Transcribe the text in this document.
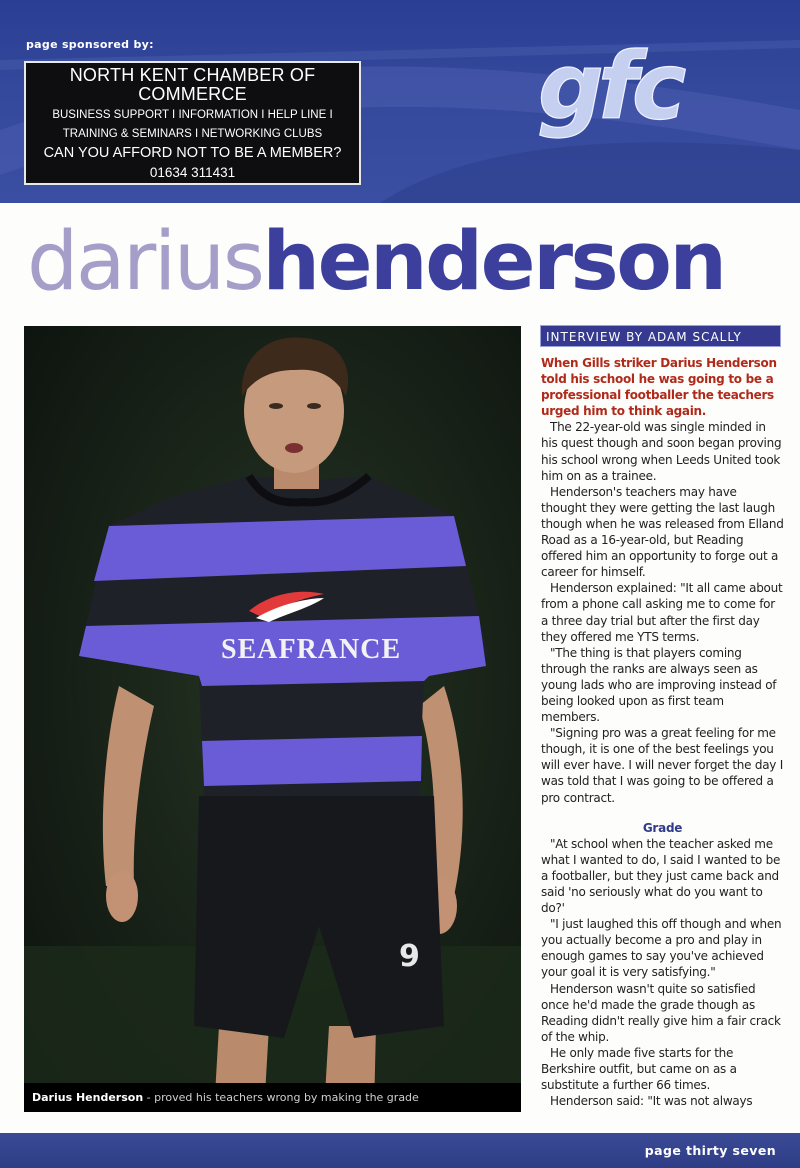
page sponsored by:
NORTH KENT CHAMBER OF
COMMERCE
BUSINESS SUPPORT I INFORMATION I HELP LINE I
TRAINING & SEMINARS I NETWORKING CLUBS
CAN YOU AFFORD NOT TO BE A MEMBER?
01634 311431
gfc
dariushenderson
9
SEAFRANCE
Darius Henderson - proved his teachers wrong by making the grade
INTERVIEW BY ADAM SCALLY

When Gills striker Darius Henderson told his school he was going to be a professional footballer the teachers urged him to think again.

The 22-year-old was single minded in his quest though and soon began proving his school wrong when Leeds United took him on as a trainee.

Henderson's teachers may have thought they were getting the last laugh though when he was released from Elland Road as a 16-year-old, but Reading offered him an opportunity to forge out a career for himself.

Henderson explained: "It all came about from a phone call asking me to come for a three day trial but after the first day they offered me YTS terms.

"The thing is that players coming through the ranks are always seen as young lads who are improving instead of being looked upon as first team members.

"Signing pro was a great feeling for me though, it is one of the best feelings you will ever have. I will never forget the day I was told that I was going to be offered a pro contract.

Grade

"At school when the teacher asked me what I wanted to do, I said I wanted to be a footballer, but they just came back and said 'no seriously what do you want to do?'

"I just laughed this off though and when you actually become a pro and play in enough games to say you've achieved your goal it is very satisfying."

Henderson wasn't quite so satisfied once he'd made the grade though as Reading didn't really give him a fair crack of the whip.

He only made five starts for the Berkshire outfit, but came on as a substitute a further 66 times.

Henderson said: "It was not always

page thirty seven
